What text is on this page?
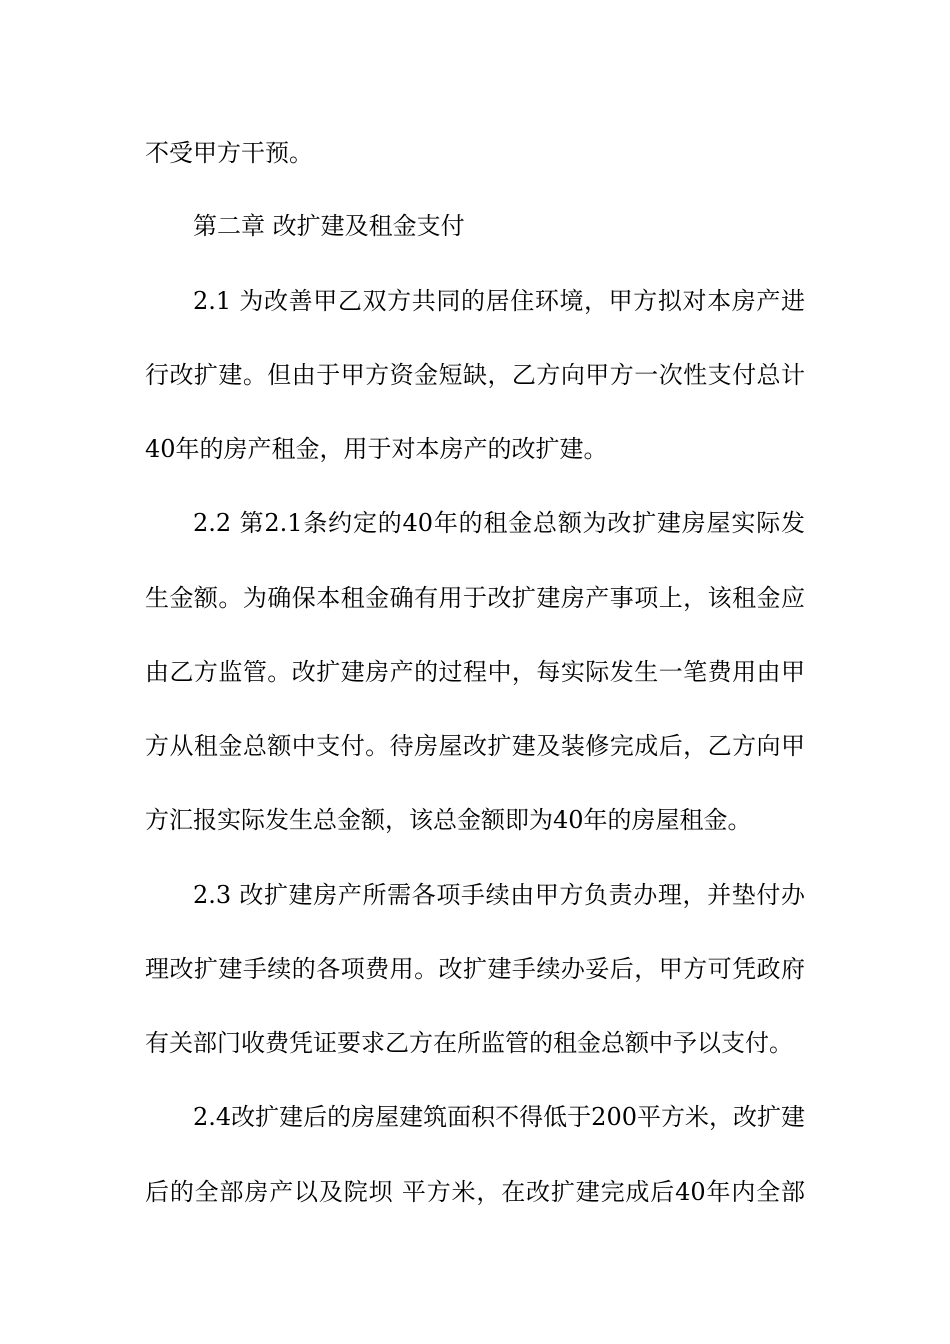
不受甲方干预。
第二章 改扩建及租金支付
2.1 为改善甲乙双方共同的居住环境，甲方拟对本房产进
行改扩建。但由于甲方资金短缺，乙方向甲方一次性支付总计
40年的房产租金，用于对本房产的改扩建。
2.2 第2.1条约定的40年的租金总额为改扩建房屋实际发
生金额。为确保本租金确有用于改扩建房产事项上，该租金应
由乙方监管。改扩建房产的过程中，每实际发生一笔费用由甲
方从租金总额中支付。待房屋改扩建及装修完成后，乙方向甲
方汇报实际发生总金额，该总金额即为40年的房屋租金。
2.3 改扩建房产所需各项手续由甲方负责办理，并垫付办
理改扩建手续的各项费用。改扩建手续办妥后，甲方可凭政府
有关部门收费凭证要求乙方在所监管的租金总额中予以支付。
2.4改扩建后的房屋建筑面积不得低于200平方米，改扩建
后的全部房产以及院坝 平方米，在改扩建完成后40年内全部
